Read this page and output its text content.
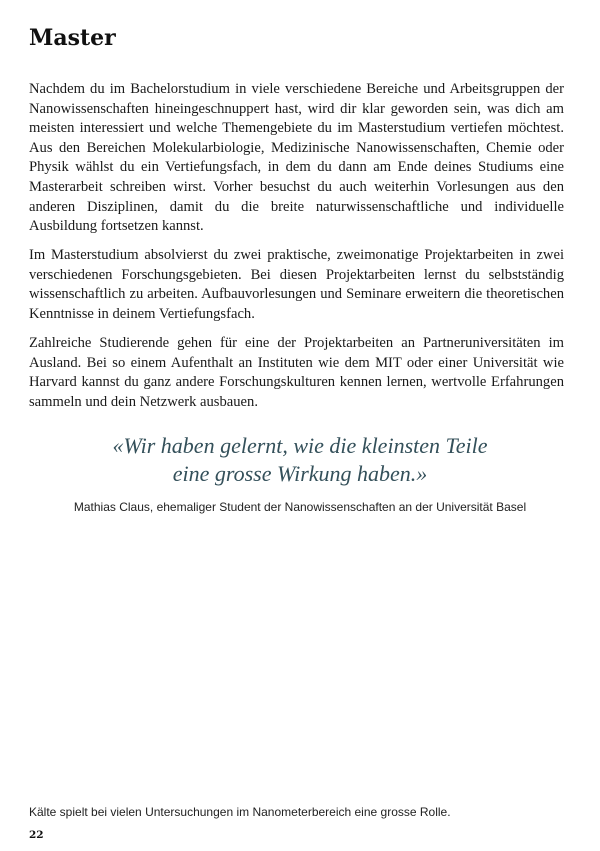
Master

Nachdem du im Bachelorstudium in viele verschiedene Bereiche und Arbeitsgruppen der Nanowissenschaften hineingeschnuppert hast, wird dir klar geworden sein, was dich am meisten interessiert und welche Themengebiete du im Masterstudium vertiefen möchtest. Aus den Bereichen Molekularbiologie, Medizinische Nanowissenschaften, Chemie oder Physik wählst du ein Vertiefungsfach, in dem du dann am Ende deines Studiums eine Masterarbeit schreiben wirst. Vorher besuchst du auch weiterhin Vorlesungen aus den anderen Disziplinen, damit du die breite naturwissenschaftliche und individuelle Ausbildung fortsetzen kannst.

Im Masterstudium absolvierst du zwei praktische, zweimonatige Projektarbeiten in zwei verschiedenen Forschungsgebieten. Bei diesen Projektarbeiten lernst du selbstständig wissenschaftlich zu arbeiten. Aufbauvorlesungen und Seminare erweitern die theoretischen Kenntnisse in deinem Vertiefungsfach.

Zahlreiche Studierende gehen für eine der Projektarbeiten an Partneruniversitäten im Ausland. Bei so einem Aufenthalt an Instituten wie dem MIT oder einer Universität wie Harvard kannst du ganz andere Forschungskulturen kennen lernen, wertvolle Erfahrungen sammeln und dein Netzwerk ausbauen.

«Wir haben gelernt, wie die kleinsten Teile
eine grosse Wirkung haben.»

Mathias Claus, ehemaliger Student der Nanowissenschaften an der Universität Basel

Kälte spielt bei vielen Untersuchungen im Nanometerbereich eine grosse Rolle.

22
